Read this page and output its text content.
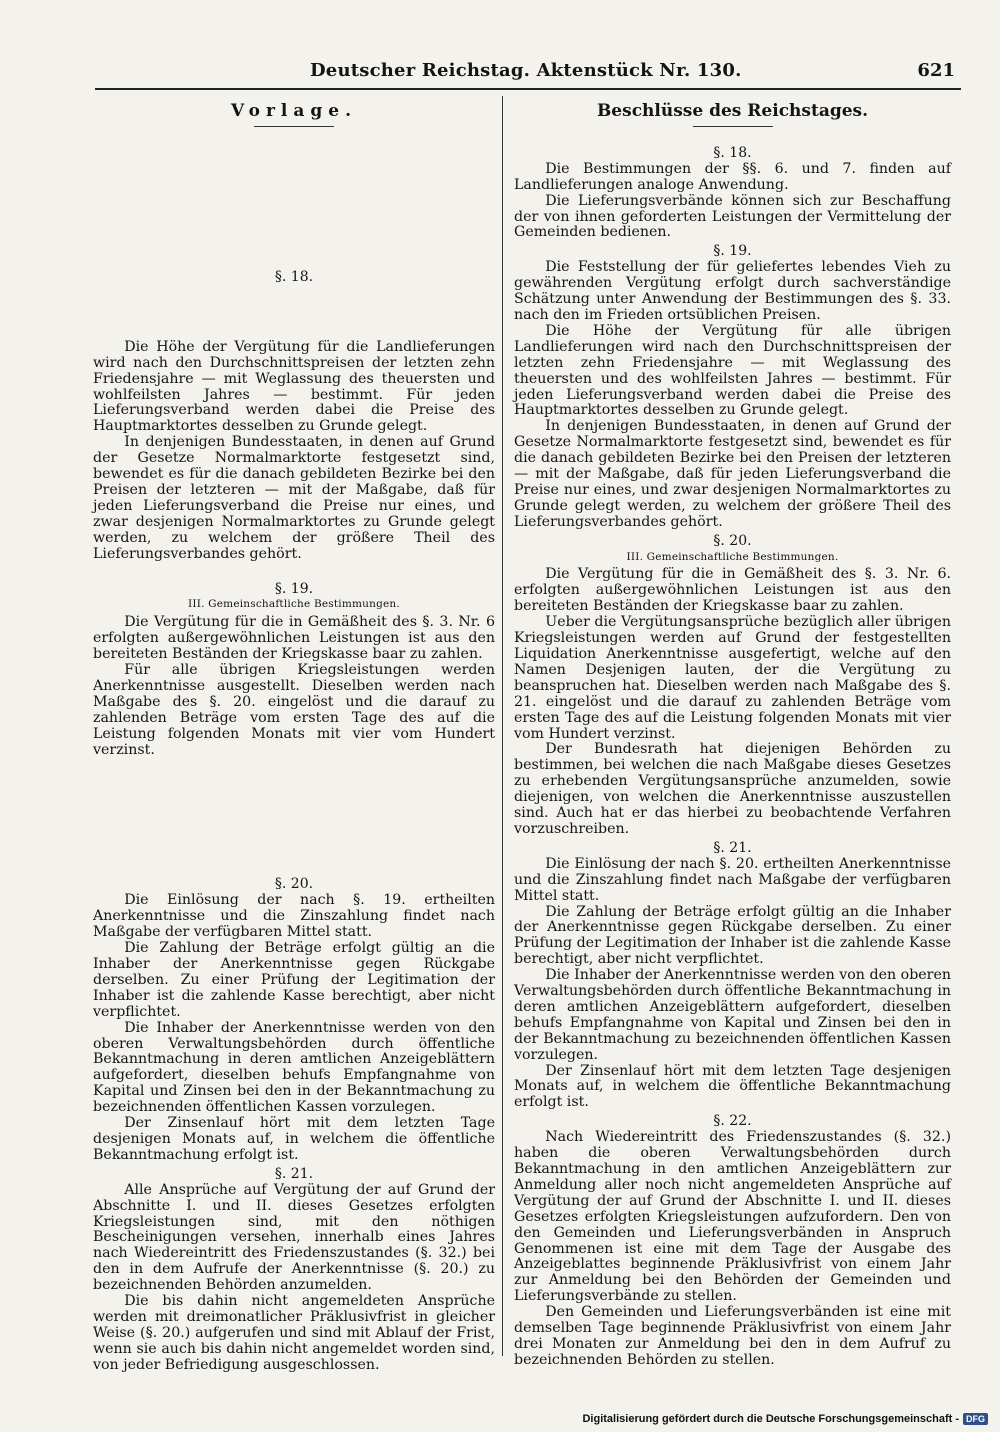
Deutscher Reichstag. Aktenstück Nr. 130.	621
Vorlage.
§. 18.

Die Höhe der Vergütung für die Landlieferungen wird nach den Durchschnittspreisen der letzten zehn Friedensjahre — mit Weglassung des theuersten und wohlfeilsten Jahres — bestimmt. Für jeden Lieferungsverband werden dabei die Preise des Hauptmarktortes desselben zu Grunde gelegt.

In denjenigen Bundesstaaten, in denen auf Grund der Gesetze Normalmarktorte festgesetzt sind, bewendet es für die danach gebildeten Bezirke bei den Preisen der letzteren — mit der Maßgabe, daß für jeden Lieferungsverband die Preise nur eines, und zwar desjenigen Normalmarktortes zu Grunde gelegt werden, zu welchem der größere Theil des Lieferungsverbandes gehört.

§. 19.
III. Gemeinschaftliche Bestimmungen.

Die Vergütung für die in Gemäßheit des §. 3. Nr. 6 erfolgten außergewöhnlichen Leistungen ist aus den bereiteten Beständen der Kriegskasse baar zu zahlen.

Für alle übrigen Kriegsleistungen werden Anerkenntnisse ausgestellt. Dieselben werden nach Maßgabe des §. 20. eingelöst und die darauf zu zahlenden Beträge vom ersten Tage des auf die Leistung folgenden Monats mit vier vom Hundert verzinst.

§. 20.

Die Einlösung der nach §. 19. ertheilten Anerkenntnisse und die Zinszahlung findet nach Maßgabe der verfügbaren Mittel statt.

Die Zahlung der Beträge erfolgt gültig an die Inhaber der Anerkenntnisse gegen Rückgabe derselben. Zu einer Prüfung der Legitimation der Inhaber ist die zahlende Kasse berechtigt, aber nicht verpflichtet.

Die Inhaber der Anerkenntnisse werden von den oberen Verwaltungsbehörden durch öffentliche Bekanntmachung in deren amtlichen Anzeigeblättern aufgefordert, dieselben behufs Empfangnahme von Kapital und Zinsen bei den in der Bekanntmachung zu bezeichnenden öffentlichen Kassen vorzulegen.

Der Zinsenlauf hört mit dem letzten Tage desjenigen Monats auf, in welchem die öffentliche Bekanntmachung erfolgt ist.

§. 21.

Alle Ansprüche auf Vergütung der auf Grund der Abschnitte I. und II. dieses Gesetzes erfolgten Kriegsleistungen sind, mit den nöthigen Bescheinigungen versehen, innerhalb eines Jahres nach Wiedereintritt des Friedenszustandes (§. 32.) bei den in dem Aufrufe der Anerkenntnisse (§. 20.) zu bezeichnenden Behörden anzumelden.

Die bis dahin nicht angemeldeten Ansprüche werden mit dreimonatlicher Präklusivfrist in gleicher Weise (§. 20.) aufgerufen und sind mit Ablauf der Frist, wenn sie auch bis dahin nicht angemeldet worden sind, von jeder Befriedigung ausgeschlossen.

Beschlüsse des Reichstages.
§. 18.

Die Bestimmungen der §§. 6. und 7. finden auf Landlieferungen analoge Anwendung.

Die Lieferungsverbände können sich zur Beschaffung der von ihnen geforderten Leistungen der Vermittelung der Gemeinden bedienen.

§. 19.

Die Feststellung der für geliefertes lebendes Vieh zu gewährenden Vergütung erfolgt durch sachverständige Schätzung unter Anwendung der Bestimmungen des §. 33. nach den im Frieden ortsüblichen Preisen.

Die Höhe der Vergütung für alle übrigen Landlieferungen wird nach den Durchschnittspreisen der letzten zehn Friedensjahre — mit Weglassung des theuersten und des wohlfeilsten Jahres — bestimmt. Für jeden Lieferungsverband werden dabei die Preise des Hauptmarktortes desselben zu Grunde gelegt.

In denjenigen Bundesstaaten, in denen auf Grund der Gesetze Normalmarktorte festgesetzt sind, bewendet es für die danach gebildeten Bezirke bei den Preisen der letzteren — mit der Maßgabe, daß für jeden Lieferungsverband die Preise nur eines, und zwar desjenigen Normalmarktortes zu Grunde gelegt werden, zu welchem der größere Theil des Lieferungsverbandes gehört.

§. 20.
III. Gemeinschaftliche Bestimmungen.

Die Vergütung für die in Gemäßheit des §. 3. Nr. 6. erfolgten außergewöhnlichen Leistungen ist aus den bereiteten Beständen der Kriegskasse baar zu zahlen.

Ueber die Vergütungsansprüche bezüglich aller übrigen Kriegsleistungen werden auf Grund der festgestellten Liquidation Anerkenntnisse ausgefertigt, welche auf den Namen Desjenigen lauten, der die Vergütung zu beanspruchen hat. Dieselben werden nach Maßgabe des §. 21. eingelöst und die darauf zu zahlenden Beträge vom ersten Tage des auf die Leistung folgenden Monats mit vier vom Hundert verzinst.

Der Bundesrath hat diejenigen Behörden zu bestimmen, bei welchen die nach Maßgabe dieses Gesetzes zu erhebenden Vergütungsansprüche anzumelden, sowie diejenigen, von welchen die Anerkenntnisse auszustellen sind. Auch hat er das hierbei zu beobachtende Verfahren vorzuschreiben.

§. 21.

Die Einlösung der nach §. 20. ertheilten Anerkenntnisse und die Zinszahlung findet nach Maßgabe der verfügbaren Mittel statt.

Die Zahlung der Beträge erfolgt gültig an die Inhaber der Anerkenntnisse gegen Rückgabe derselben. Zu einer Prüfung der Legitimation der Inhaber ist die zahlende Kasse berechtigt, aber nicht verpflichtet.

Die Inhaber der Anerkenntnisse werden von den oberen Verwaltungsbehörden durch öffentliche Bekanntmachung in deren amtlichen Anzeigeblättern aufgefordert, dieselben behufs Empfangnahme von Kapital und Zinsen bei den in der Bekanntmachung zu bezeichnenden öffentlichen Kassen vorzulegen.

Der Zinsenlauf hört mit dem letzten Tage desjenigen Monats auf, in welchem die öffentliche Bekanntmachung erfolgt ist.

§. 22.

Nach Wiedereintritt des Friedenszustandes (§. 32.) haben die oberen Verwaltungsbehörden durch Bekanntmachung in den amtlichen Anzeigeblättern zur Anmeldung aller noch nicht angemeldeten Ansprüche auf Vergütung der auf Grund der Abschnitte I. und II. dieses Gesetzes erfolgten Kriegsleistungen aufzufordern. Den von den Gemeinden und Lieferungsverbänden in Anspruch Genommenen ist eine mit dem Tage der Ausgabe des Anzeigeblattes beginnende Präklusivfrist von einem Jahr zur Anmeldung bei den Behörden der Gemeinden und Lieferungsverbände zu stellen.

Den Gemeinden und Lieferungsverbänden ist eine mit demselben Tage beginnende Präklusivfrist von einem Jahr drei Monaten zur Anmeldung bei den in dem Aufruf zu bezeichnenden Behörden zu stellen.

Digitalisierung gefördert durch die Deutsche Forschungsgemeinschaft - DFG
